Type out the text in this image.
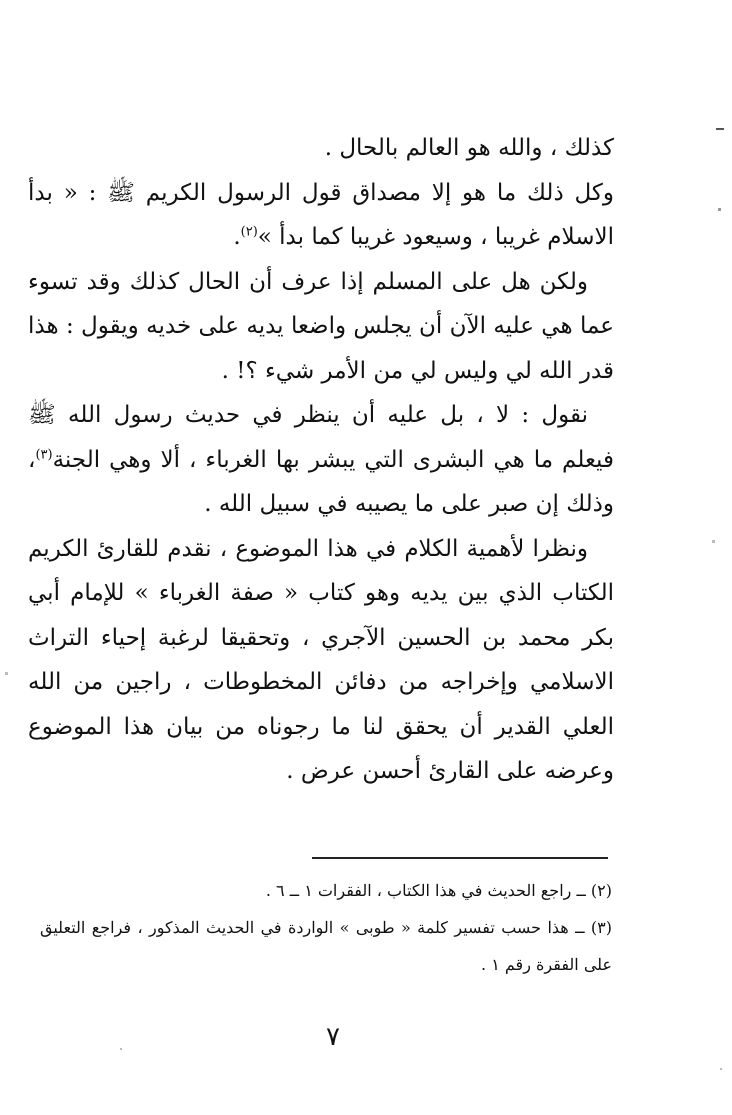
كذلك ، والله هو العالم بالحال .

وكل ذلك ما هو إلا مصداق قول الرسول الكريم ﷺ : « بدأ الاسلام غريبا ، وسيعود غريبا كما بدأ »$^{(٢)}$.

ولكن هل على المسلم إذا عرف أن الحال كذلك وقد تسوء عما هي عليه الآن أن يجلس واضعا يديه على خديه ويقول : هذا قدر الله لي وليس لي من الأمر شيء ؟! .

نقول : لا ، بل عليه أن ينظر في حديث رسول الله ﷺ فيعلم ما هي البشرى التي يبشر بها الغرباء ، ألا وهي الجنة$^{(٣)}$، وذلك إن صبر على ما يصيبه في سبيل الله .

ونظرا لأهمية الكلام في هذا الموضوع ، نقدم للقارئ الكريم الكتاب الذي بين يديه وهو كتاب « صفة الغرباء » للإمام أبي بكر محمد بن الحسين الآجري ، وتحقيقا لرغبة إحياء التراث الاسلامي وإخراجه من دفائن المخطوطات ، راجين من الله العلي القدير أن يحقق لنا ما رجوناه من بيان هذا الموضوع وعرضه على القارئ أحسن عرض .

(٢) ــ راجع الحديث في هذا الكتاب ، الفقرات ١ ــ ٦ .

(٣) ــ هذا حسب تفسير كلمة « طوبى » الواردة في الحديث المذكور ، فراجع التعليق على الفقرة رقم ١ .

٧
